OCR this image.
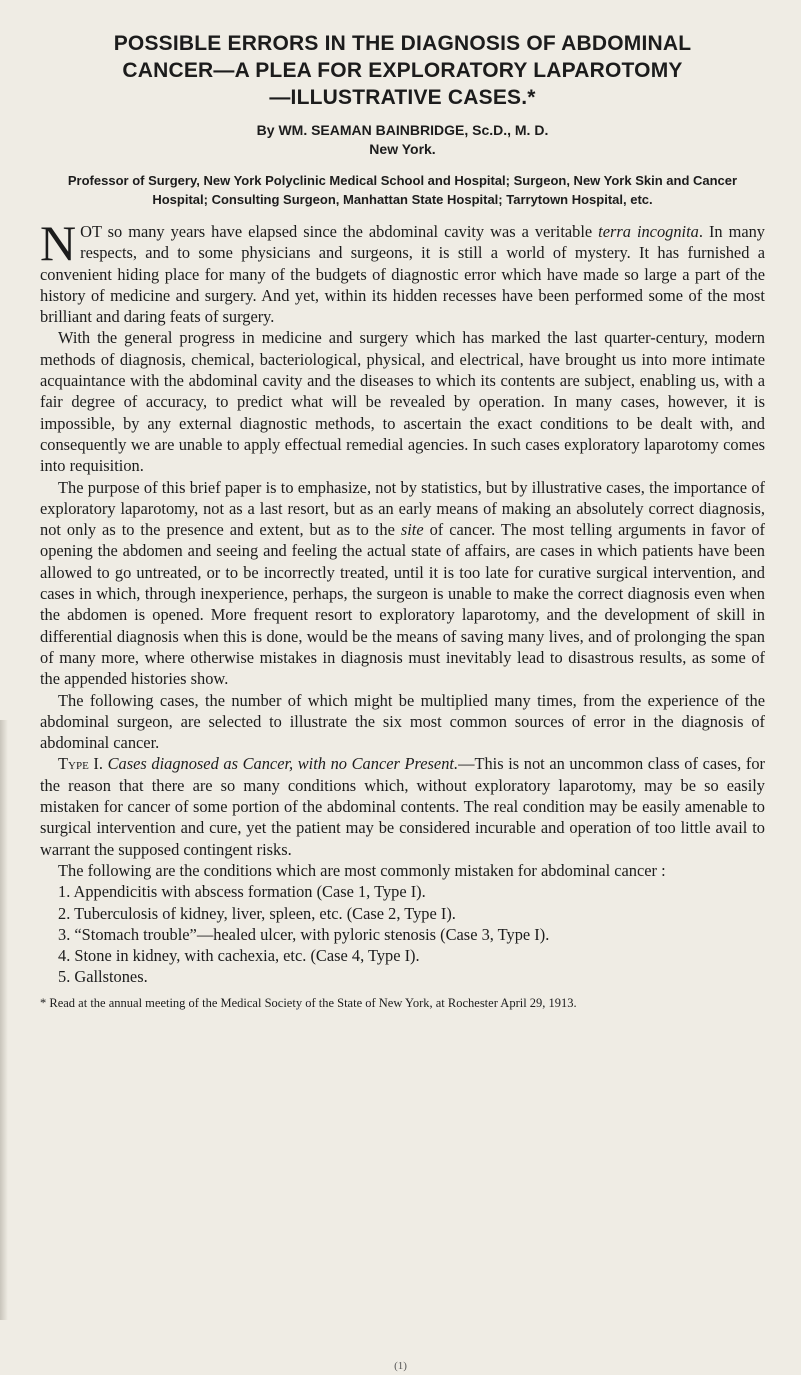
POSSIBLE ERRORS IN THE DIAGNOSIS OF ABDOMINAL
CANCER—A PLEA FOR EXPLORATORY LAPAROTOMY
—ILLUSTRATIVE CASES.*
By WM. SEAMAN BAINBRIDGE, Sc.D., M. D.
New York.
Professor of Surgery, New York Polyclinic Medical School and Hospital; Surgeon, New York Skin and Cancer Hospital; Consulting Surgeon, Manhattan State Hospital; Tarrytown Hospital, etc.

NOT so many years have elapsed since the abdominal cavity was a veritable terra incognita. In many respects, and to some physicians and surgeons, it is still a world of mystery. It has furnished a convenient hiding place for many of the budgets of diagnostic error which have made so large a part of the history of medicine and surgery. And yet, within its hidden recesses have been performed some of the most brilliant and daring feats of surgery.

With the general progress in medicine and surgery which has marked the last quarter-century, modern methods of diagnosis, chemical, bacteriological, physical, and electrical, have brought us into more intimate acquaintance with the abdominal cavity and the diseases to which its contents are subject, enabling us, with a fair degree of accuracy, to predict what will be revealed by operation. In many cases, however, it is impossible, by any external diagnostic methods, to ascertain the exact conditions to be dealt with, and consequently we are unable to apply effectual remedial agencies. In such cases exploratory laparotomy comes into requisition.

The purpose of this brief paper is to emphasize, not by statistics, but by illustrative cases, the importance of exploratory laparotomy, not as a last resort, but as an early means of making an absolutely correct diagnosis, not only as to the presence and extent, but as to the site of cancer. The most telling arguments in favor of opening the abdomen and seeing and feeling the actual state of affairs, are cases in which patients have been allowed to go untreated, or to be incorrectly treated, until it is too late for curative surgical intervention, and cases in which, through inexperience, perhaps, the surgeon is unable to make the correct diagnosis even when the abdomen is opened. More frequent resort to exploratory laparotomy, and the development of skill in differential diagnosis when this is done, would be the means of saving many lives, and of prolonging the span of many more, where otherwise mistakes in diagnosis must inevitably lead to disastrous results, as some of the appended histories show.

The following cases, the number of which might be multiplied many times, from the experience of the abdominal surgeon, are selected to illustrate the six most common sources of error in the diagnosis of abdominal cancer.

Type I. Cases diagnosed as Cancer, with no Cancer Present.—This is not an uncommon class of cases, for the reason that there are so many conditions which, without exploratory laparotomy, may be so easily mistaken for cancer of some portion of the abdominal contents. The real condition may be easily amenable to surgical intervention and cure, yet the patient may be considered incurable and operation of too little avail to warrant the supposed contingent risks.

The following are the conditions which are most commonly mistaken for abdominal cancer :

1. Appendicitis with abscess formation (Case 1, Type I).
2. Tuberculosis of kidney, liver, spleen, etc. (Case 2, Type I).
3. “Stomach trouble”—healed ulcer, with pyloric stenosis (Case 3, Type I).
4. Stone in kidney, with cachexia, etc. (Case 4, Type I).
5. Gallstones.
* Read at the annual meeting of the Medical Society of the State of New York, at Rochester April 29, 1913.
(1)
